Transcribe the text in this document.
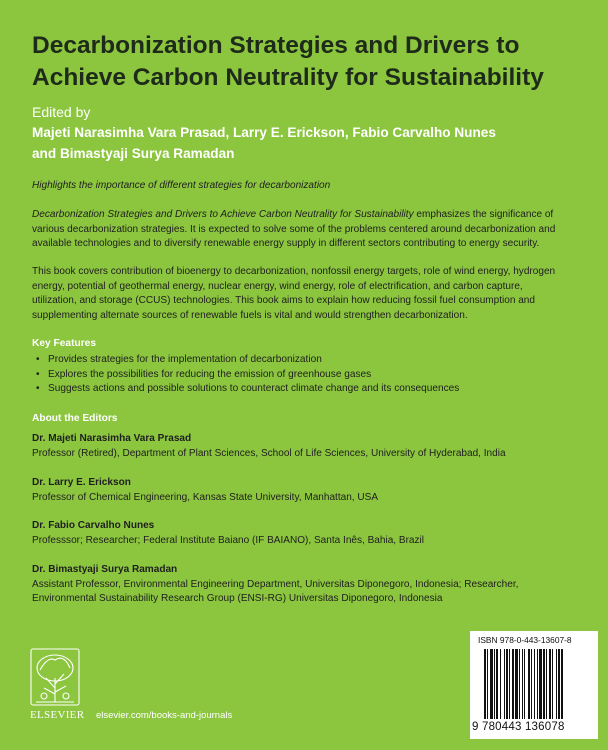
Decarbonization Strategies and Drivers to
Achieve Carbon Neutrality for Sustainability
Edited by
Majeti Narasimha Vara Prasad, Larry E. Erickson, Fabio Carvalho Nunes
and Bimastyaji Surya Ramadan
Highlights the importance of different strategies for decarbonization
Decarbonization Strategies and Drivers to Achieve Carbon Neutrality for Sustainability emphasizes the significance of
various decarbonization strategies. It is expected to solve some of the problems centered around decarbonization and
available technologies and to diversify renewable energy supply in different sectors contributing to energy security.
This book covers contribution of bioenergy to decarbonization, nonfossil energy targets, role of wind energy, hydrogen
energy, potential of geothermal energy, nuclear energy, wind energy, role of electrification, and carbon capture,
utilization, and storage (CCUS) technologies. This book aims to explain how reducing fossil fuel consumption and
supplementing alternate sources of renewable fuels is vital and would strengthen decarbonization.
Key Features
• Provides strategies for the implementation of decarbonization
• Explores the possibilities for reducing the emission of greenhouse gases
• Suggests actions and possible solutions to counteract climate change and its consequences
About the Editors
Dr. Majeti Narasimha Vara Prasad
Professor (Retired), Department of Plant Sciences, School of Life Sciences, University of Hyderabad, India
Dr. Larry E. Erickson
Professor of Chemical Engineering, Kansas State University, Manhattan, USA
Dr. Fabio Carvalho Nunes
Professsor; Researcher; Federal Institute Baiano (IF BAIANO), Santa Inês, Bahia, Brazil
Dr. Bimastyaji Surya Ramadan
Assistant Professor, Environmental Engineering Department, Universitas Diponegoro, Indonesia; Researcher,
Environmental Sustainability Research Group (ENSI-RG) Universitas Diponegoro, Indonesia
ELSEVIER elsevier.com/books-and-journals
ISBN 978-0-443-13607-8
9 780443 136078
